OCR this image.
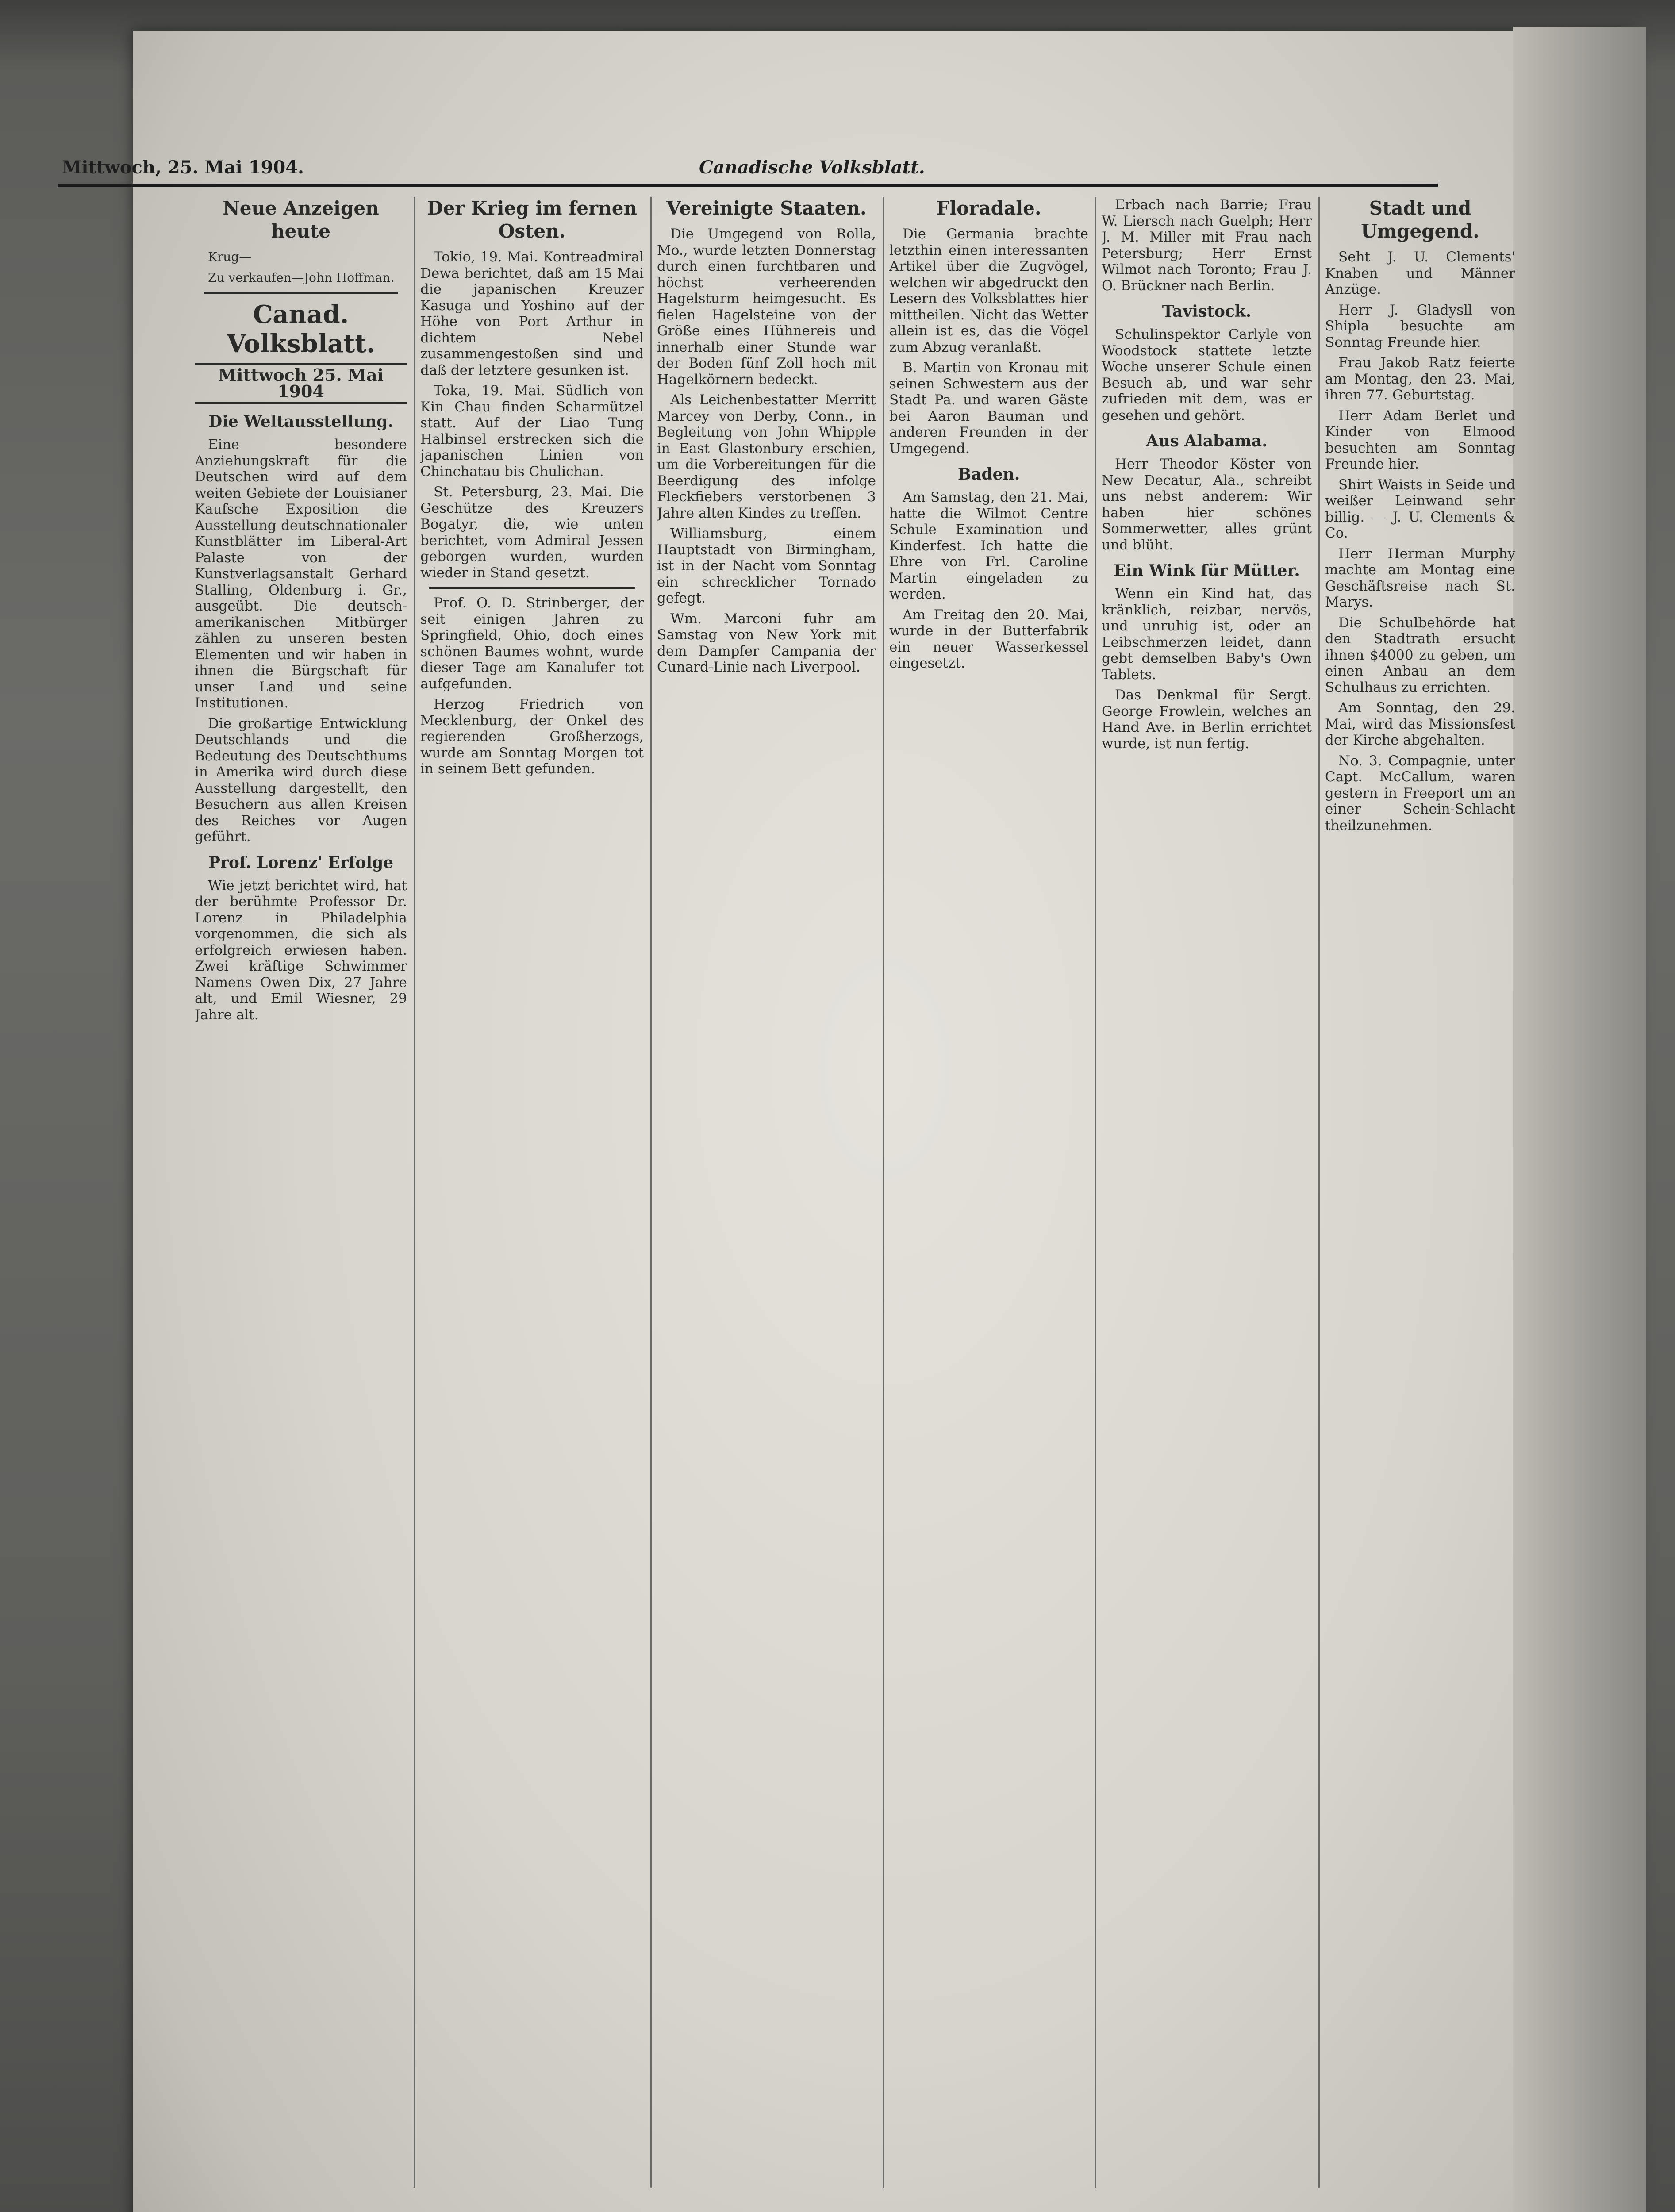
Mittwoch, 25. Mai 1904.	Canadische Volksblatt.
Neue Anzeigen heute

Krug—

Zu verkaufen—John Hoffman.

Canad. Volksblatt.
Mittwoch 25. Mai 1904
Die Weltausstellung.

Eine besondere Anziehungskraft für die Deutschen wird auf dem weiten Gebiete der Louisianer Kaufsche Exposition die Ausstellung deutschnationaler Kunstblätter im Liberal-Art Palaste von der Kunstverlagsanstalt Gerhard Stalling, Oldenburg i. Gr., ausgeübt. Die deutsch-amerikanischen Mitbürger zählen zu unseren besten Elementen und wir haben in ihnen die Bürgschaft für unser Land und seine Institutionen.

Die großartige Entwicklung Deutschlands und die Bedeutung des Deutschthums in Amerika wird durch diese Ausstellung dargestellt, den Besuchern aus allen Kreisen des Reiches vor Augen geführt.

Prof. Lorenz' Erfolge

Wie jetzt berichtet wird, hat der berühmte Professor Dr. Lorenz in Philadelphia vorgenommen, die sich als erfolgreich erwiesen haben. Zwei kräftige Schwimmer Namens Owen Dix, 27 Jahre alt, und Emil Wiesner, 29 Jahre alt.

Der Krieg im fernen Osten.

Tokio, 19. Mai. Kontreadmiral Dewa berichtet, daß am 15 Mai die japanischen Kreuzer Kasuga und Yoshino auf der Höhe von Port Arthur in dichtem Nebel zusammengestoßen sind und daß der letztere gesunken ist.

Toka, 19. Mai. Südlich von Kin Chau finden Scharmützel statt. Auf der Liao Tung Halbinsel erstrecken sich die japanischen Linien von Chinchatau bis Chulichan.

St. Petersburg, 23. Mai. Die Geschütze des Kreuzers Bogatyr, die, wie unten berichtet, vom Admiral Jessen geborgen wurden, wurden wieder in Stand gesetzt.

Prof. O. D. Strinberger, der seit einigen Jahren zu Springfield, Ohio, doch eines schönen Baumes wohnt, wurde dieser Tage am Kanalufer tot aufgefunden.

Herzog Friedrich von Mecklenburg, der Onkel des regierenden Großherzogs, wurde am Sonntag Morgen tot in seinem Bett gefunden.

Vereinigte Staaten.

Die Umgegend von Rolla, Mo., wurde letzten Donnerstag durch einen furchtbaren und höchst verheerenden Hagelsturm heimgesucht. Es fielen Hagelsteine von der Größe eines Hühnereis und innerhalb einer Stunde war der Boden fünf Zoll hoch mit Hagelkörnern bedeckt.

Als Leichenbestatter Merritt Marcey von Derby, Conn., in Begleitung von John Whipple in East Glastonbury erschien, um die Vorbereitungen für die Beerdigung des infolge Fleckfiebers verstorbenen 3 Jahre alten Kindes zu treffen.

Williamsburg, einem Hauptstadt von Birmingham, ist in der Nacht vom Sonntag ein schrecklicher Tornado gefegt.

Wm. Marconi fuhr am Samstag von New York mit dem Dampfer Campania der Cunard-Linie nach Liverpool.

Floradale.

Die Germania brachte letzthin einen interessanten Artikel über die Zugvögel, welchen wir abgedruckt den Lesern des Volksblattes hier mittheilen. Nicht das Wetter allein ist es, das die Vögel zum Abzug veranlaßt.

B. Martin von Kronau mit seinen Schwestern aus der Stadt Pa. und waren Gäste bei Aaron Bauman und anderen Freunden in der Umgegend.

Baden.

Am Samstag, den 21. Mai, hatte die Wilmot Centre Schule Examination und Kinderfest. Ich hatte die Ehre von Frl. Caroline Martin eingeladen zu werden.

Am Freitag den 20. Mai, wurde in der Butterfabrik ein neuer Wasserkessel eingesetzt.

Erbach nach Barrie; Frau W. Liersch nach Guelph; Herr J. M. Miller mit Frau nach Petersburg; Herr Ernst Wilmot nach Toronto; Frau J. O. Brückner nach Berlin.

Tavistock.

Schulinspektor Carlyle von Woodstock stattete letzte Woche unserer Schule einen Besuch ab, und war sehr zufrieden mit dem, was er gesehen und gehört.

Aus Alabama.

Herr Theodor Köster von New Decatur, Ala., schreibt uns nebst anderem: Wir haben hier schönes Sommerwetter, alles grünt und blüht.

Ein Wink für Mütter.

Wenn ein Kind hat, das kränklich, reizbar, nervös, und unruhig ist, oder an Leibschmerzen leidet, dann gebt demselben Baby's Own Tablets.

Das Denkmal für Sergt. George Frowlein, welches an Hand Ave. in Berlin errichtet wurde, ist nun fertig.

Stadt und Umgegend.

Seht J. U. Clements' Knaben und Männer Anzüge.

Herr J. Gladysll von Shipla besuchte am Sonntag Freunde hier.

Frau Jakob Ratz feierte am Montag, den 23. Mai, ihren 77. Geburtstag.

Herr Adam Berlet und Kinder von Elmood besuchten am Sonntag Freunde hier.

Shirt Waists in Seide und weißer Leinwand sehr billig. — J. U. Clements & Co.

Herr Herman Murphy machte am Montag eine Geschäftsreise nach St. Marys.

Die Schulbehörde hat den Stadtrath ersucht ihnen $4000 zu geben, um einen Anbau an dem Schulhaus zu errichten.

Am Sonntag, den 29. Mai, wird das Missionsfest der Kirche abgehalten.

No. 3. Compagnie, unter Capt. McCallum, waren gestern in Freeport um an einer Schein-Schlacht theilzunehmen.
